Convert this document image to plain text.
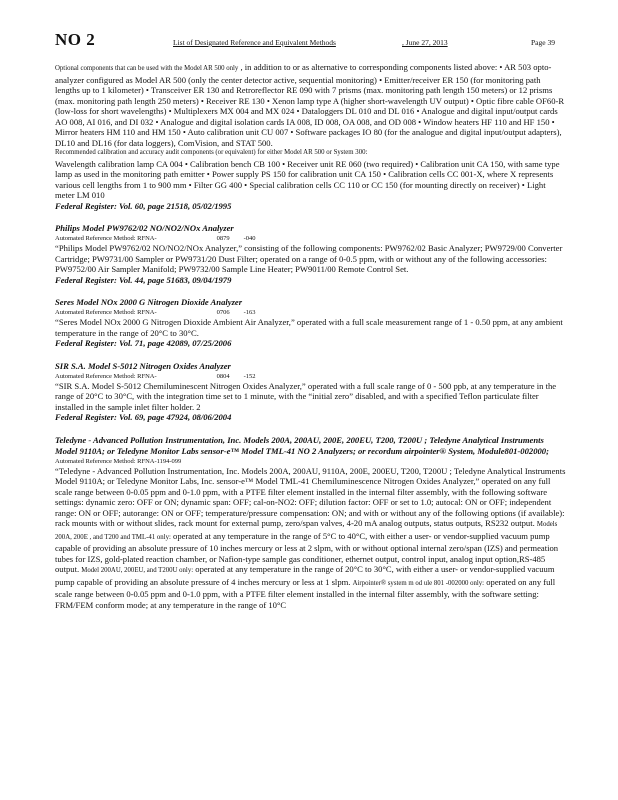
NO 2	List of Designated Reference and Equivalent Methods	, June 27, 2013	Page 39

Optional components that can be used with the Model AR 500 only , in addition to or as alternative to corresponding components listed above: • AR 503 opto-analyzer configured as Model AR 500 (only the center detector active, sequential monitoring) • Emitter/receiver ER 150 (for monitoring path lengths up to 1 kilometer) • Transceiver ER 130 and Retroreflector RE 090 with 7 prisms (max. monitoring path length 150 meters) or 12 prisms (max. monitoring path length 250 meters) • Receiver RE 130 • Xenon lamp type A (higher short-wavelength UV output) • Optic fibre cable OF60-R (low-loss for short wavelengths) • Multiplexers MX 004 and MX 024 • Dataloggers DL 010 and DL 016 • Analogue and digital input/output cards AO 008, AI 016, and DI 032 • Analogue and digital isolation cards IA 008, ID 008, OA 008, and OD 008 • Window heaters HF 110 and HF 150 • Mirror heaters HM 110 and HM 150 • Auto calibration unit CU 007 • Software packages IO 80 (for the analogue and digital input/output adapters), DL10 and DL16 (for data loggers), ComVision, and STAT 500.

Recommended calibration and accuracy audit components (or equivalent) for either Model AR 500 or System 300:

Wavelength calibration lamp CA 004 • Calibration bench CB 100 • Receiver unit RE 060 (two required) • Calibration unit CA 150, with same type lamp as used in the monitoring path emitter • Power supply PS 150 for calibration unit CA 150 • Calibration cells CC 001-X, where X represents various cell lengths from 1 to 900 mm • Filter GG 400 • Special calibration cells CC 110 or CC 150 (for mounting directly on receiver) • Light meter LM 010

Federal Register: Vol. 60, page 21518, 05/02/1995

Philips Model PW9762/02 NO/NO2/NOx Analyzer

Automated Reference Method: RFNA-	0879 -040

“Philips Model PW9762/02 NO/NO2/NOx Analyzer,” consisting of the following components: PW9762/02 Basic Analyzer; PW9729/00 Converter Cartridge; PW9731/00 Sampler or PW9731/20 Dust Filter; operated on a range of 0-0.5 ppm, with or without any of the following accessories: PW9752/00 Air Sampler Manifold; PW9732/00 Sample Line Heater; PW9011/00 Remote Control Set.

Federal Register: Vol. 44, page 51683, 09/04/1979

Seres Model NOx 2000 G Nitrogen Dioxide Analyzer

Automated Reference Method: RFNA-	0706 -163

“Seres Model NOx 2000 G Nitrogen Dioxide Ambient Air Analyzer,” operated with a full scale measurement range of 1 - 0.50 ppm, at any ambient temperature in the range of 20°C to 30°C.

Federal Register: Vol. 71, page 42089, 07/25/2006

SIR S.A. Model S-5012 Nitrogen Oxides Analyzer

Automated Reference Method: RFNA-	0804 -152

“SIR S.A. Model S-5012 Chemiluminescent Nitrogen Oxides Analyzer,” operated with a full scale range of 0 - 500 ppb, at any temperature in the range of 20°C to 30°C, with the integration time set to 1 minute, with the “initial zero” disabled, and with a specified Teflon particulate filter installed in the sample inlet filter holder. 2

Federal Register: Vol. 69, page 47924, 08/06/2004

Teledyne - Advanced Pollution Instrumentation, Inc. Models 200A, 200AU, 200E, 200EU, T200, T200U ; Teledyne Analytical Instruments Model 9110A; or Teledyne Monitor Labs sensor-e™ Model TML-41 NO 2 Analyzers; or recordum airpointer® System, Module801-002000;

Automated Reference Method: RFNA-1194-099

“Teledyne - Advanced Pollution Instrumentation, Inc. Models 200A, 200AU, 9110A, 200E, 200EU, T200, T200U ; Teledyne Analytical Instruments Model 9110A; or Teledyne Monitor Labs, Inc. sensor-e™ Model TML-41 Chemiluminescence Nitrogen Oxides Analyzer,” operated on any full scale range between 0-0.05 ppm and 0-1.0 ppm, with a PTFE filter element installed in the internal filter assembly, with the following software settings: dynamic zero: OFF or ON; dynamic span: OFF; cal-on-NO2: OFF; dilution factor: OFF or set to 1.0; autocal: ON or OFF; independent range: ON or OFF; autorange: ON or OFF; temperature/pressure compensation: ON; and with or without any of the following options (if available): rack mounts with or without slides, rack mount for external pump, zero/span valves, 4-20 mA analog outputs, status outputs, RS232 output. Models 200A, 200E , and T200 and TML-41 only: operated at any temperature in the range of 5°C to 40°C, with either a user- or vendor-supplied vacuum pump capable of providing an absolute pressure of 10 inches mercury or less at 2 slpm, with or without optional internal zero/span (IZS) and permeation tubes for IZS, gold-plated reaction chamber, or Nafion-type sample gas conditioner, ethernet output, control input, analog input option,RS-485 output. Model 200AU, 200EU, and T200U only: operated at any temperature in the range of 20°C to 30°C, with either a user- or vendor-supplied vacuum pump capable of providing an absolute pressure of 4 inches mercury or less at 1 slpm. Airpointer® system m od ule 801 -002000 only: operated on any full scale range between 0-0.05 ppm and 0-1.0 ppm, with a PTFE filter element installed in the internal filter assembly, with the software setting: FRM/FEM conform mode; at any temperature in the range of 10°C
